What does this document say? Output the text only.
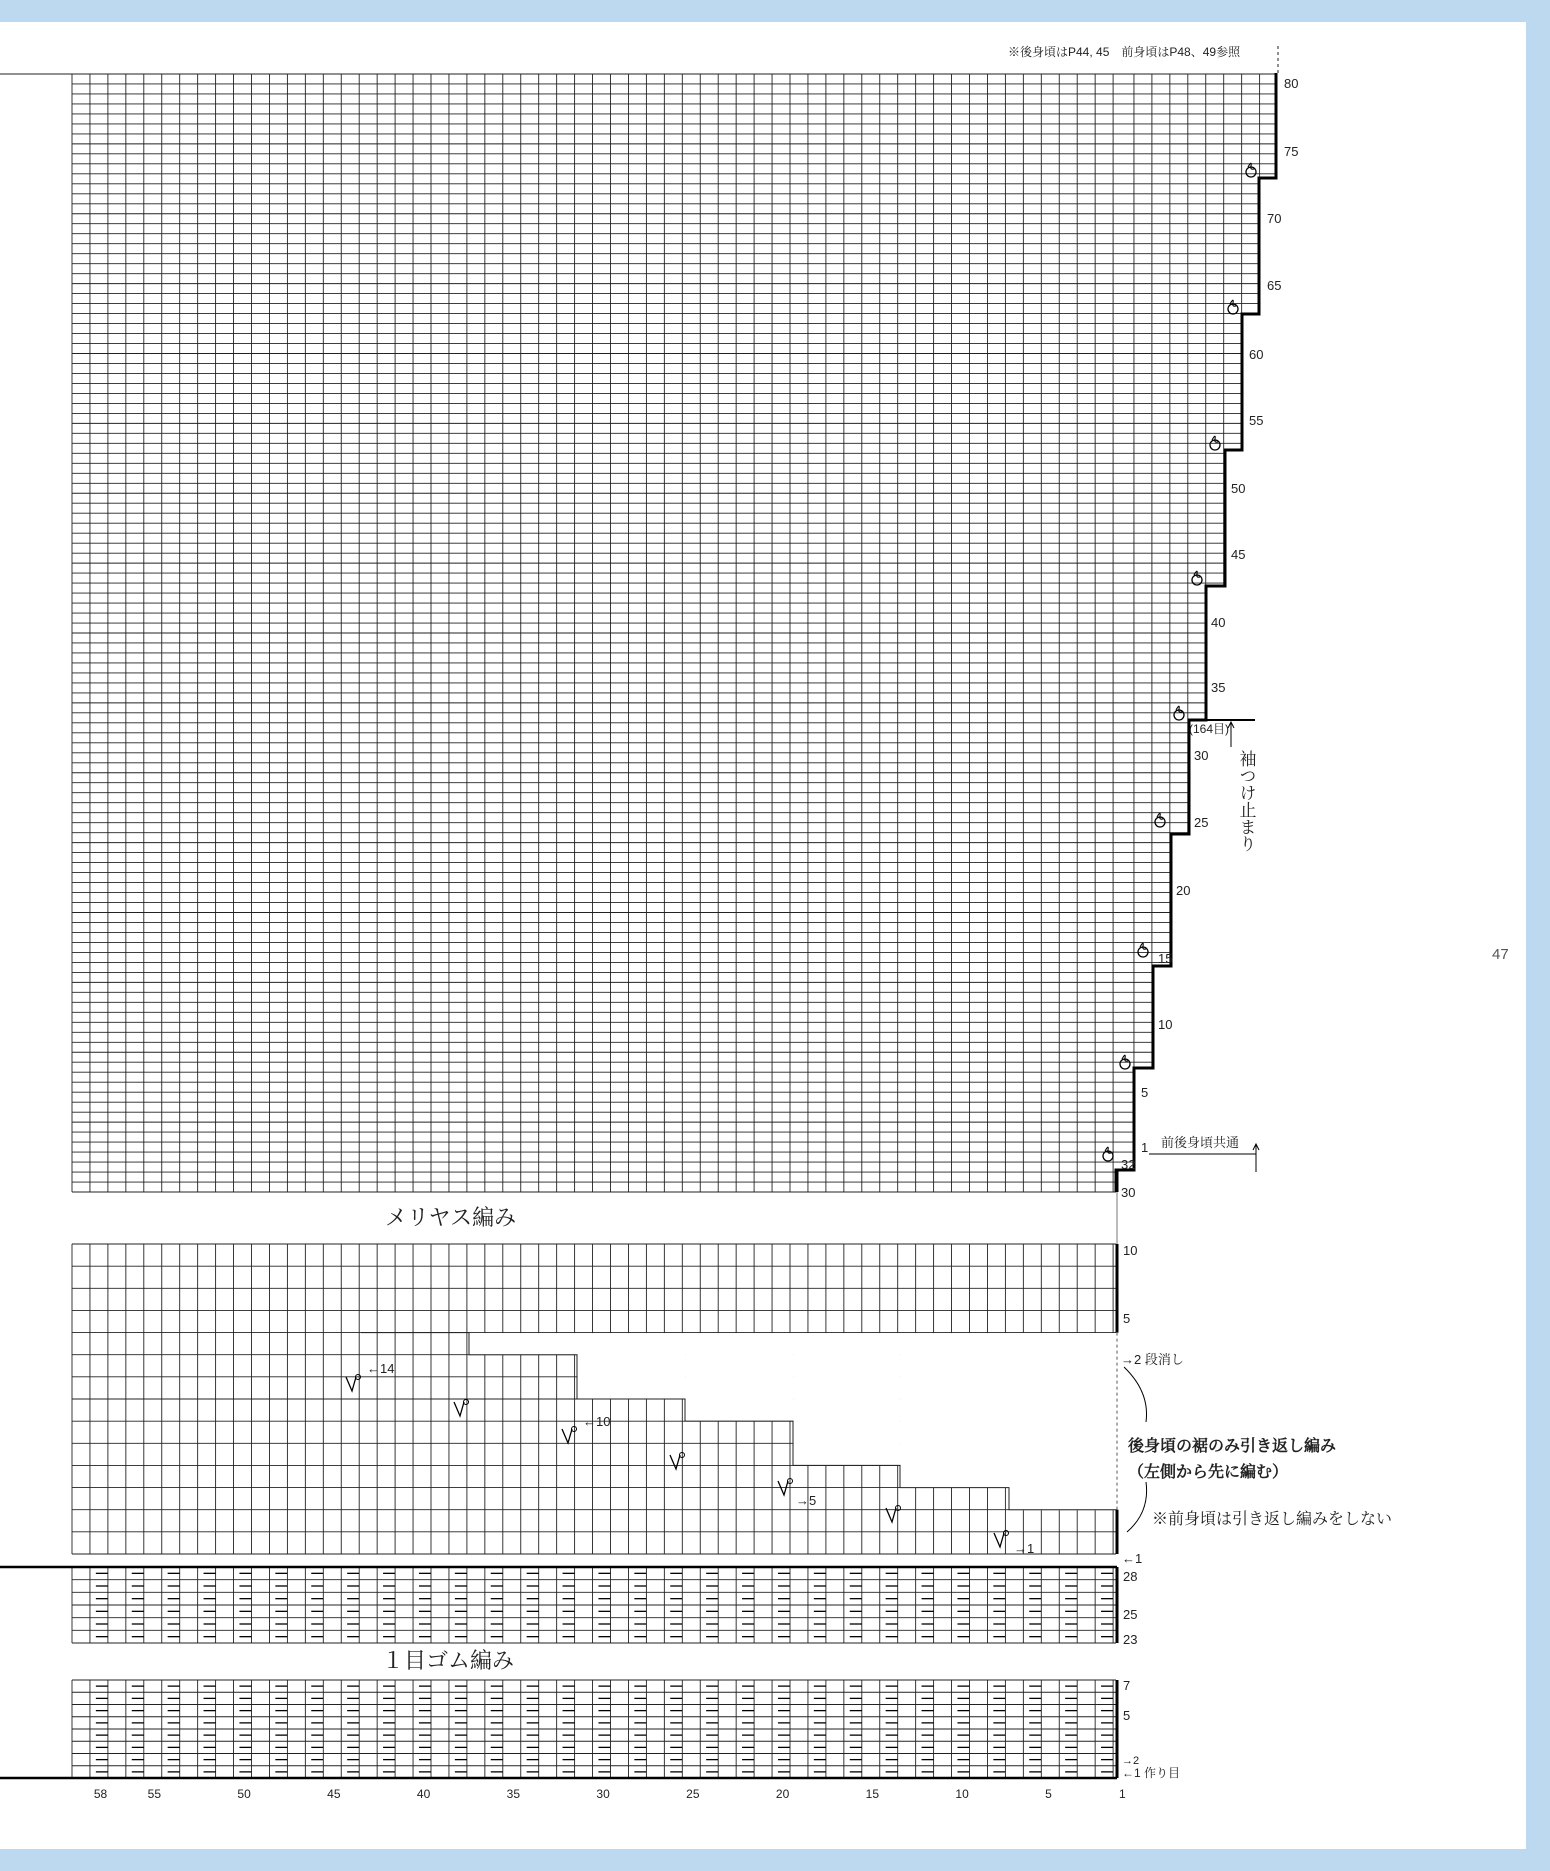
※後身頃はP44, 45　前身頃はP48、49参照
メリヤス編み
１目ゴム編み
(164目)
前後身頃共通
後身頃の裾のみ引き返し編み
（左側から先に編む）
※前身頃は引き返し編みをしない
→2 段消し
←1
→2
←1 作り目
袖つけ止まり
80
75
70
65
60
55
50
45
40
35
30
25
20
15
10
5
1
32
30
10
5
28
25
23
7
5
←14
←10
→5
→1
58	55	50	45	40	35	30	25	20	15	10	5	1
47
